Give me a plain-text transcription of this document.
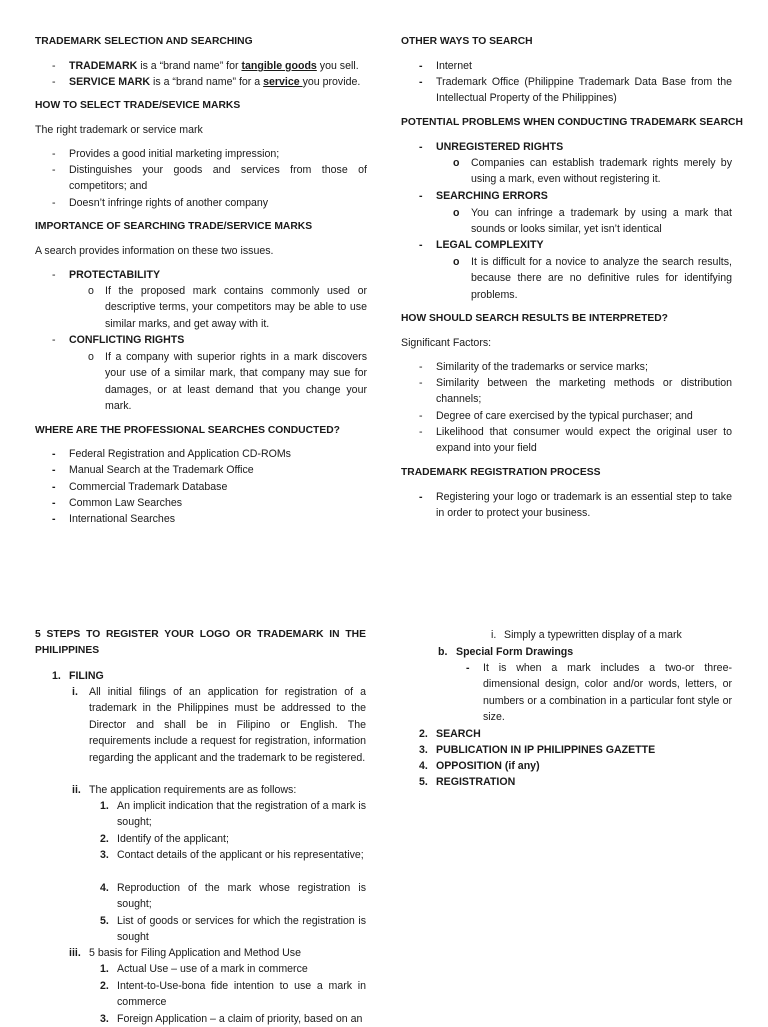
TRADEMARK SELECTION AND SEARCHING
- TRADEMARK is a “brand name” for tangible goods you sell.
- SERVICE MARK is a “brand name” for a service you provide.
HOW TO SELECT TRADE/SEVICE MARKS
The right trademark or service mark
- Provides a good initial marketing impression;
- Distinguishes your goods and services from those of competitors; and
- Doesn’t infringe rights of another company
IMPORTANCE OF SEARCHING TRADE/SERVICE MARKS
A search provides information on these two issues.
- PROTECTABILITY
o If the proposed mark contains commonly used or descriptive terms, your competitors may be able to use similar marks, and get away with it.
- CONFLICTING RIGHTS
o If a company with superior rights in a mark discovers your use of a similar mark, that company may sue for damages, or at least demand that you change your mark.
WHERE ARE THE PROFESSIONAL SEARCHES CONDUCTED?
- Federal Registration and Application CD-ROMs
- Manual Search at the Trademark Office
- Commercial Trademark Database
- Common Law Searches
- International Searches
OTHER WAYS TO SEARCH
- Internet
- Trademark Office (Philippine Trademark Data Base from the Intellectual Property of the Philippines)
POTENTIAL PROBLEMS WHEN CONDUCTING TRADEMARK SEARCH
- UNREGISTERED RIGHTS
o Companies can establish trademark rights merely by using a mark, even without registering it.
- SEARCHING ERRORS
o You can infringe a trademark by using a mark that sounds or looks similar, yet isn’t identical
- LEGAL COMPLEXITY
o It is difficult for a novice to analyze the search results, because there are no definitive rules for identifying problems.
HOW SHOULD SEARCH RESULTS BE INTERPRETED?
Significant Factors:
- Similarity of the trademarks or service marks;
- Similarity between the marketing methods or distribution channels;
- Degree of care exercised by the typical purchaser; and
- Likelihood that consumer would expect the original user to expand into your field
TRADEMARK REGISTRATION PROCESS
- Registering your logo or trademark is an essential step to take in order to protect your business.
5 STEPS TO REGISTER YOUR LOGO OR TRADEMARK IN THE PHILIPPINES
1. FILING
i. All initial filings of an application for registration of a trademark in the Philippines must be addressed to the Director and shall be in Filipino or English. The requirements include a request for registration, information regarding the applicant and the trademark to be registered.
ii. The application requirements are as follows:
1. An implicit indication that the registration of a mark is sought;
2. Identify of the applicant;
3. Contact details of the applicant or his representative;
4. Reproduction of the mark whose registration is sought;
5. List of goods or services for which the registration is sought
iii. 5 basis for Filing Application and Method Use
1. Actual Use – use of a mark in commerce
2. Intent-to-Use-bona fide intention to use a mark in commerce
3. Foreign Application – a claim of priority, based on an
i. Simply a typewritten display of a mark
b. Special Form Drawings
- It is when a mark includes a two-or three-dimensional design, color and/or words, letters, or numbers or a combination in a particular font style or size.
2. SEARCH
3. PUBLICATION IN IP PHILIPPINES GAZETTE
4. OPPOSITION (if any)
5. REGISTRATION
